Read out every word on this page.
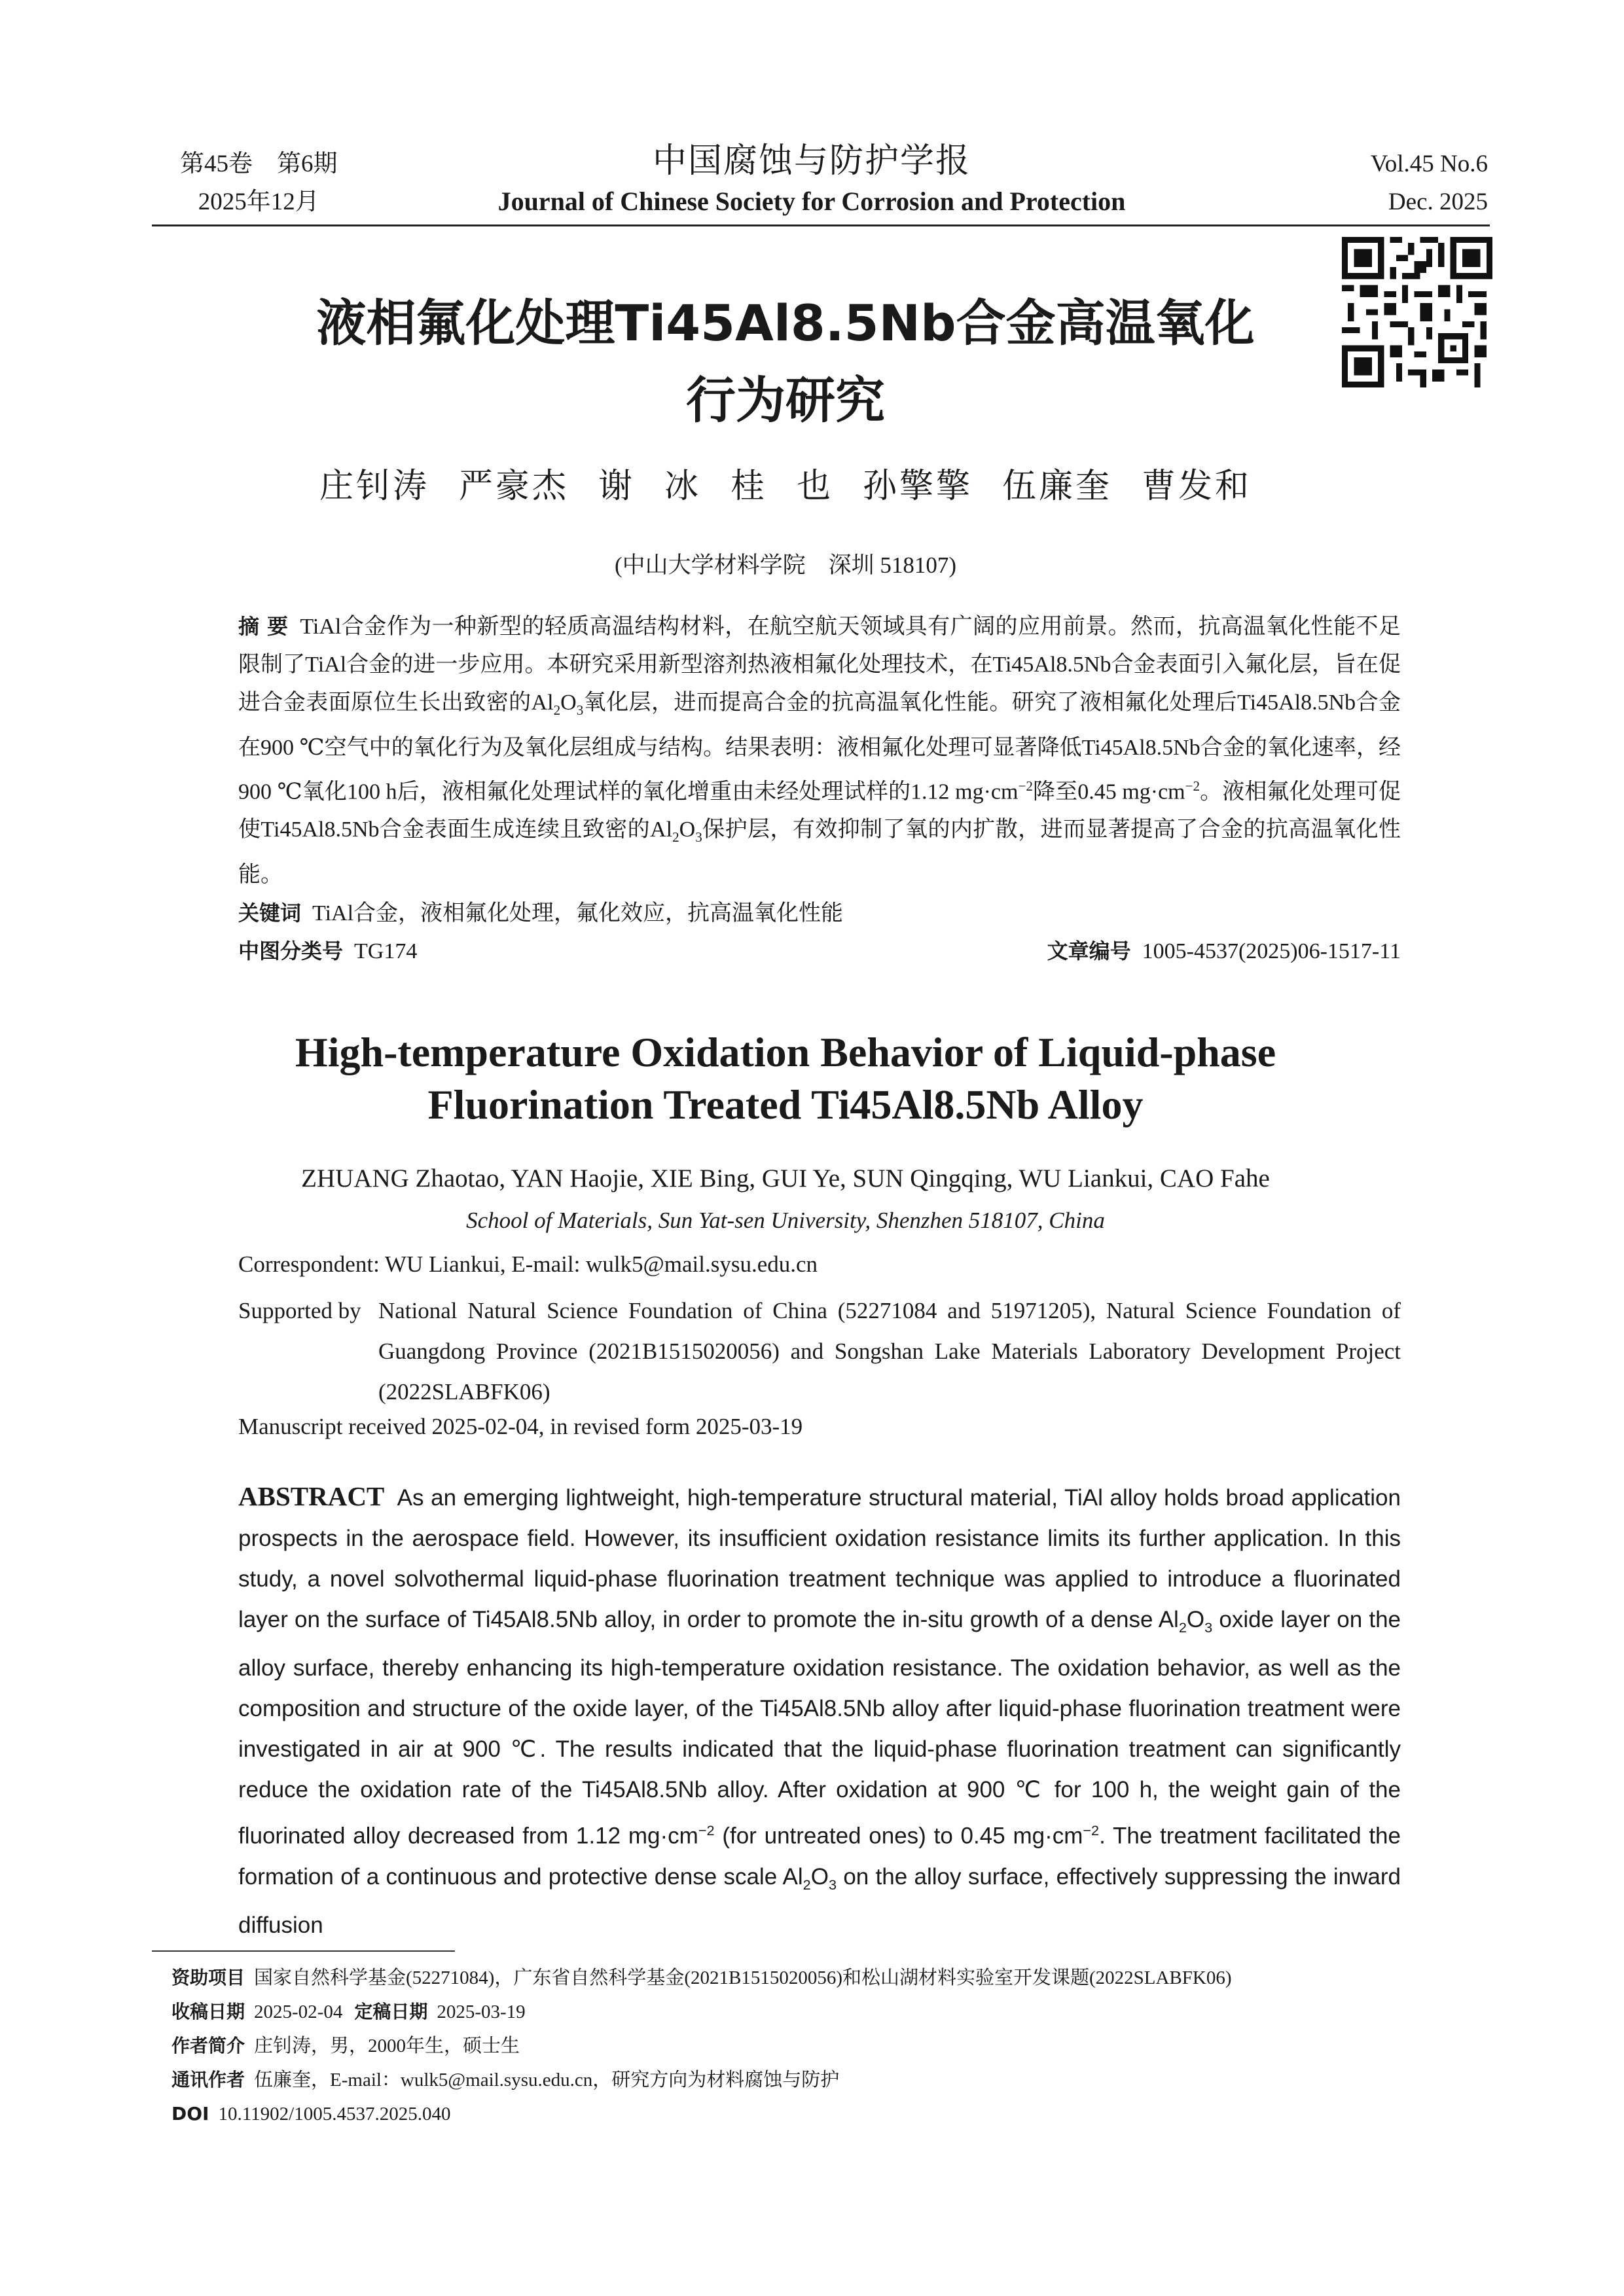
第45卷　第6期
2025年12月
中国腐蚀与防护学报
Journal of Chinese Society for Corrosion and Protection
Vol.45 No.6
Dec. 2025
液相氟化处理Ti45Al8.5Nb合金高温氧化
行为研究
庄钊涛 严豪杰 谢 冰 桂 也 孙擎擎 伍廉奎 曹发和
(中山大学材料学院　深圳 518107)
摘 要 TiAl合金作为一种新型的轻质高温结构材料，在航空航天领域具有广阔的应用前景。然而，抗高温氧化性能不足限制了TiAl合金的进一步应用。本研究采用新型溶剂热液相氟化处理技术，在Ti45Al8.5Nb合金表面引入氟化层，旨在促进合金表面原位生长出致密的$Al_2O_3$氧化层，进而提高合金的抗高温氧化性能。研究了液相氟化处理后Ti45Al8.5Nb合金在900 ℃空气中的氧化行为及氧化层组成与结构。结果表明：液相氟化处理可显著降低Ti45Al8.5Nb合金的氧化速率，经900 ℃氧化100 h后，液相氟化处理试样的氧化增重由未经处理试样的1.12 $mg\cdot cm^{-2}$降至0.45 $mg\cdot cm^{-2}$。液相氟化处理可促使Ti45Al8.5Nb合金表面生成连续且致密的$Al_2O_3$保护层，有效抑制了氧的内扩散，进而显著提高了合金的抗高温氧化性能。
关键词 TiAl合金，液相氟化处理，氟化效应，抗高温氧化性能
中图分类号 TG174	文章编号 1005-4537(2025)06-1517-11
High-temperature Oxidation Behavior of Liquid-phase
Fluorination Treated Ti45Al8.5Nb Alloy
ZHUANG Zhaotao, YAN Haojie, XIE Bing, GUI Ye, SUN Qingqing, WU Liankui, CAO Fahe
School of Materials, Sun Yat-sen University, Shenzhen 518107, China
Correspondent: WU Liankui, E-mail: wulk5@mail.sysu.edu.cn
Supported by National Natural Science Foundation of China (52271084 and 51971205), Natural Science Foundation of Guangdong Province (2021B1515020056) and Songshan Lake Materials Laboratory Development Project (2022SLABFK06)
Manuscript received 2025-02-04, in revised form 2025-03-19
ABSTRACT As an emerging lightweight, high-temperature structural material, TiAl alloy holds broad application prospects in the aerospace field. However, its insufficient oxidation resistance limits its further application. In this study, a novel solvothermal liquid-phase fluorination treatment technique was applied to introduce a fluorinated layer on the surface of Ti45Al8.5Nb alloy, in order to promote the in-situ growth of a dense $Al_2O_3$ oxide layer on the alloy surface, thereby enhancing its high-temperature oxidation resistance. The oxidation behavior, as well as the composition and structure of the oxide layer, of the Ti45Al8.5Nb alloy after liquid-phase fluorination treatment were investigated in air at 900 ℃. The results indicated that the liquid-phase fluorination treatment can significantly reduce the oxidation rate of the Ti45Al8.5Nb alloy. After oxidation at 900 ℃ for 100 h, the weight gain of the fluorinated alloy decreased from 1.12 $mg\cdot cm^{-2}$ (for untreated ones) to 0.45 $mg\cdot cm^{-2}$. The treatment facilitated the formation of a continuous and protective dense scale $Al_2O_3$ on the alloy surface, effectively suppressing the inward diffusion
资助项目 国家自然科学基金(52271084)，广东省自然科学基金(2021B1515020056)和松山湖材料实验室开发课题(2022SLABFK06)
收稿日期 2025-02-04 定稿日期 2025-03-19
作者简介 庄钊涛，男，2000年生，硕士生
通讯作者 伍廉奎，E-mail：wulk5@mail.sysu.edu.cn，研究方向为材料腐蚀与防护
DOI 10.11902/1005.4537.2025.040
